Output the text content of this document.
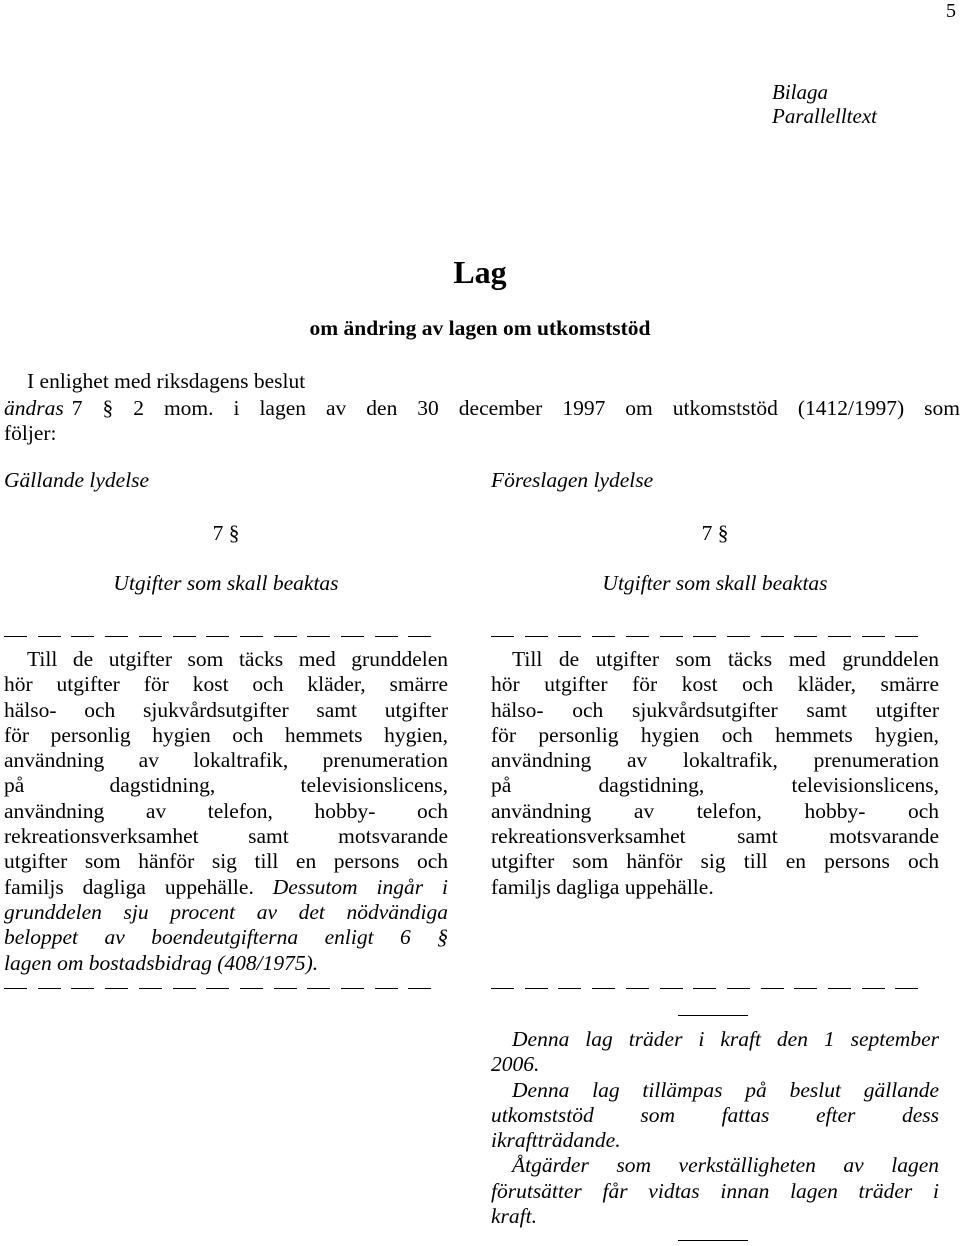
5
Bilaga
Parallelltext
Lag
om ändring av lagen om utkomststöd
I enlighet med riksdagens beslut
ändras 7 § 2 mom. i lagen av den 30 december 1997 om utkomststöd (1412/1997) som
följer:
Gällande lydelse	Föreslagen lydelse
7 §	7 §
Utgifter som skall beaktas	Utgifter som skall beaktas
Till de utgifter som täcks med grunddelen
hör utgifter för kost och kläder, smärre
hälso- och sjukvårdsutgifter samt utgifter
för personlig hygien och hemmets hygien,
användning av lokaltrafik, prenumeration
på dagstidning, televisionslicens,
användning av telefon, hobby- och
rekreationsverksamhet samt motsvarande
utgifter som hänför sig till en persons och
familjs dagliga uppehälle. Dessutom ingår i
grunddelen sju procent av det nödvändiga
beloppet av boendeutgifterna enligt 6 §
lagen om bostadsbidrag (408/1975).
Till de utgifter som täcks med grunddelen
hör utgifter för kost och kläder, smärre
hälso- och sjukvårdsutgifter samt utgifter
för personlig hygien och hemmets hygien,
användning av lokaltrafik, prenumeration
på dagstidning, televisionslicens,
användning av telefon, hobby- och
rekreationsverksamhet samt motsvarande
utgifter som hänför sig till en persons och
familjs dagliga uppehälle.
Denna lag träder i kraft den 1 september
2006.
Denna lag tillämpas på beslut gällande
utkomststöd som fattas efter dess
ikraftträdande.
Åtgärder som verkställigheten av lagen
förutsätter får vidtas innan lagen träder i
kraft.
